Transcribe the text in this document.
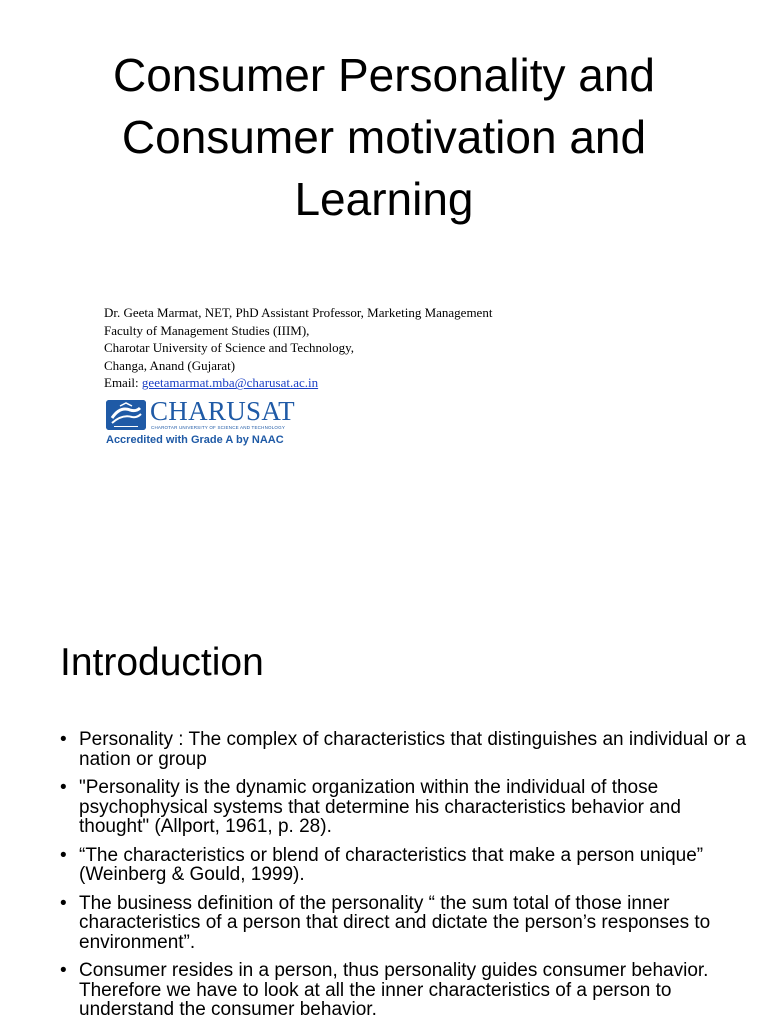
Consumer Personality and
Consumer motivation and
Learning
Dr. Geeta Marmat, NET, PhD Assistant Professor, Marketing Management
Faculty of Management Studies (IIIM),
Charotar University of Science and Technology,
Changa, Anand (Gujarat)
Email: geetamarmat.mba@charusat.ac.in
CHARUSAT
CHAROTAR UNIVERSITY OF SCIENCE AND TECHNOLOGY
Accredited with Grade A by NAAC
Introduction
• Personality : The complex of characteristics that distinguishes an individual or a nation or group
• "Personality is the dynamic organization within the individual of those psychophysical systems that determine his characteristics behavior and thought" (Allport, 1961, p. 28).
• “The characteristics or blend of characteristics that make a person unique” (Weinberg & Gould, 1999).
• The business definition of the personality “ the sum total of those inner characteristics of a person that direct and dictate the person’s responses to environment”.
• Consumer resides in a person, thus personality guides consumer behavior. Therefore we have to look at all the inner characteristics of a person to understand the consumer behavior.
